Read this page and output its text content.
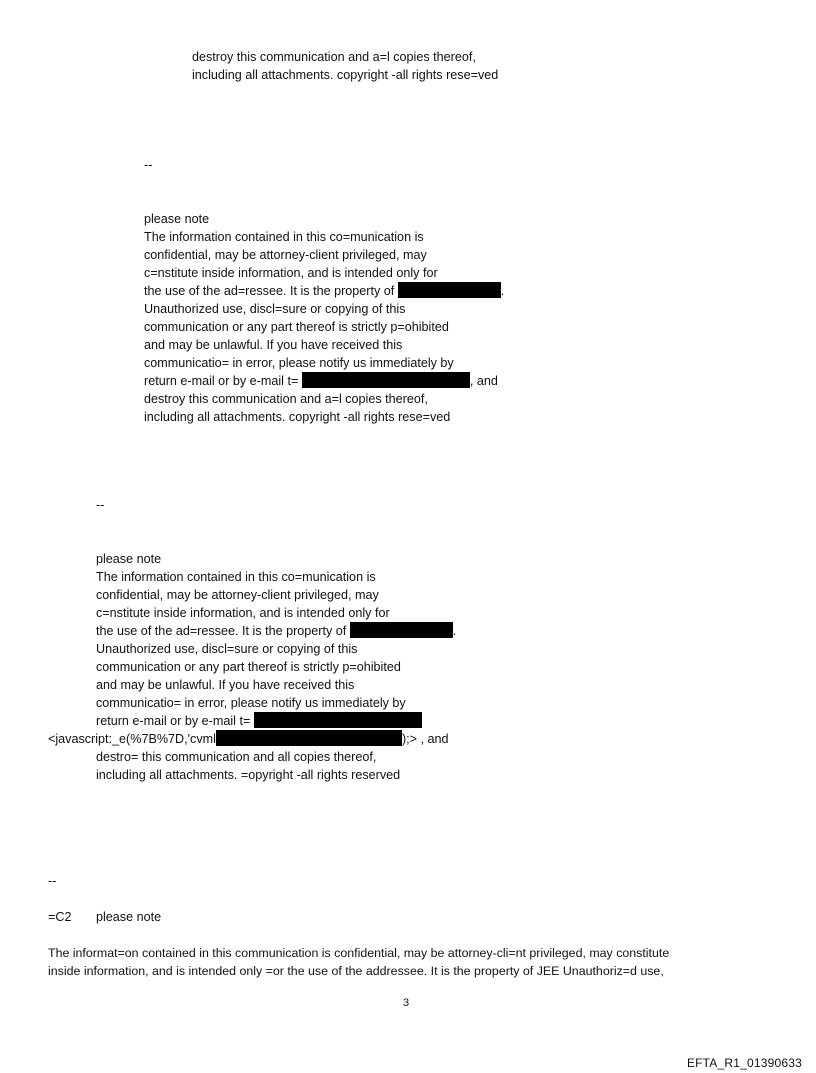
destroy this communication and a=l copies thereof,
including all attachments. copyright -all rights rese=ved
--
please note
The information contained in this co=munication is
confidential, may be attorney-client privileged, may
c=nstitute inside information, and is intended only for
the use of the ad=ressee. It is the property of	.
Unauthorized use, discl=sure or copying of this
communication or any part thereof is strictly p=ohibited
and may be unlawful. If you have received this
communicatio= in error, please notify us immediately by
return e-mail or by e-mail t=	, and
destroy this communication and a=l copies thereof,
including all attachments. copyright -all rights rese=ved
--
please note
The information contained in this co=munication is
confidential, may be attorney-client privileged, may
c=nstitute inside information, and is intended only for
the use of the ad=ressee. It is the property of	.
Unauthorized use, discl=sure or copying of this
communication or any part thereof is strictly p=ohibited
and may be unlawful. If you have received this
communicatio= in error, please notify us immediately by
return e-mail or by e-mail t=
<javascript:_e(%7B%7D,'cvml	);> , and
destro= this communication and all copies thereof,
including all attachments. =opyright -all rights reserved
--
=C2 please note
The informat=on contained in this communication is confidential, may be attorney-cli=nt privileged, may constitute
inside information, and is intended only =or the use of the addressee. It is the property of JEE Unauthoriz=d use,
3
EFTA_R1_01390633
